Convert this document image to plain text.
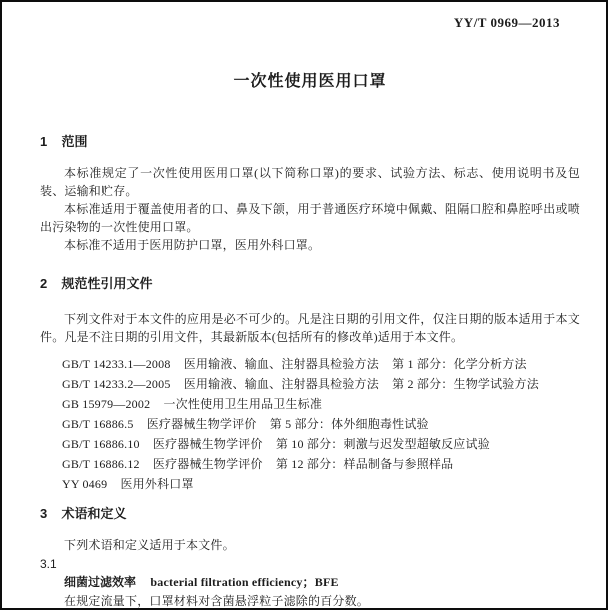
YY/T 0969—2013
一次性使用医用口罩
1 范围
本标准规定了一次性使用医用口罩(以下简称口罩)的要求、试验方法、标志、使用说明书及包装、运输和贮存。
本标准适用于覆盖使用者的口、鼻及下颌，用于普通医疗环境中佩戴、阻隔口腔和鼻腔呼出或喷出污染物的一次性使用口罩。
本标准不适用于医用防护口罩，医用外科口罩。
2 规范性引用文件
下列文件对于本文件的应用是必不可少的。凡是注日期的引用文件，仅注日期的版本适用于本文件。凡是不注日期的引用文件，其最新版本(包括所有的修改单)适用于本文件。
GB/T 14233.1—2008 医用输液、输血、注射器具检验方法 第 1 部分：化学分析方法
GB/T 14233.2—2005 医用输液、输血、注射器具检验方法 第 2 部分：生物学试验方法
GB 15979—2002 一次性使用卫生用品卫生标准
GB/T 16886.5 医疗器械生物学评价 第 5 部分：体外细胞毒性试验
GB/T 16886.10 医疗器械生物学评价 第 10 部分：刺激与迟发型超敏反应试验
GB/T 16886.12 医疗器械生物学评价 第 12 部分：样品制备与参照样品
YY 0469 医用外科口罩
3 术语和定义
下列术语和定义适用于本文件。
3.1
细菌过滤效率 bacterial filtration efficiency；BFE
在规定流量下，口罩材料对含菌悬浮粒子滤除的百分数。
